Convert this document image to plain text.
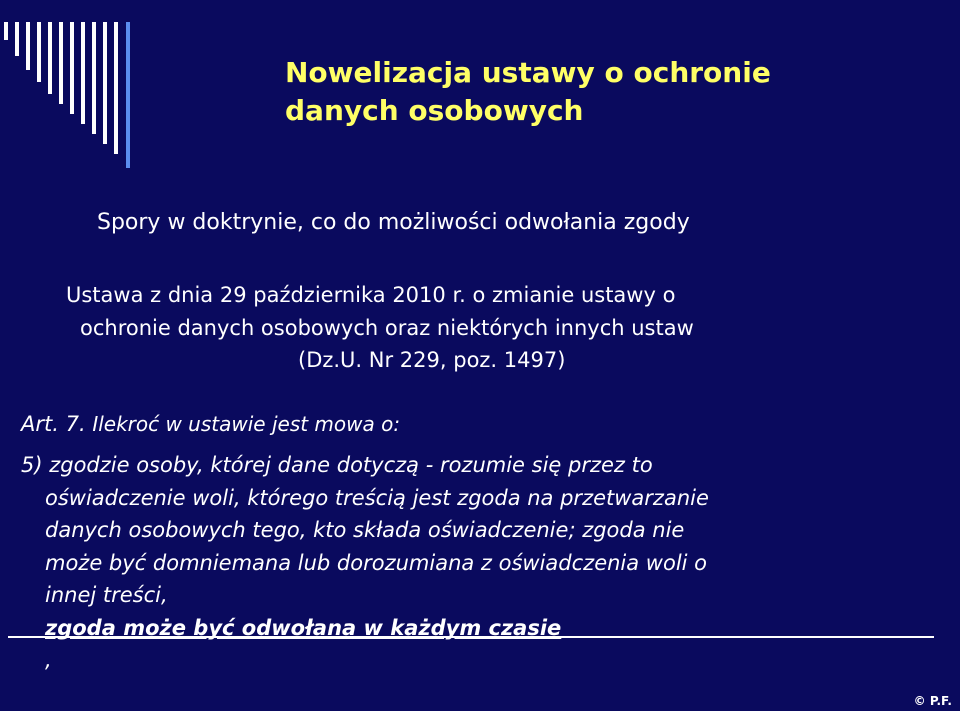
Nowelizacja ustawy o ochronie
danych osobowych
Spory w doktrynie, co do możliwości odwołania zgody
Ustawa z dnia 29 października 2010 r. o zmianie ustawy o
ochronie danych osobowych oraz niektórych innych ustaw
(Dz.U. Nr 229, poz. 1497)
Art. 7. Ilekroć w ustawie jest mowa o:
5) zgodzie osoby, której dane dotyczą - rozumie się przez to
oświadczenie woli, którego treścią jest zgoda na przetwarzanie
danych osobowych tego, kto składa oświadczenie; zgoda nie
może być domniemana lub dorozumiana z oświadczenia woli o
innej treści,
zgoda może być odwołana w każdym czasie
,
© P.F.
